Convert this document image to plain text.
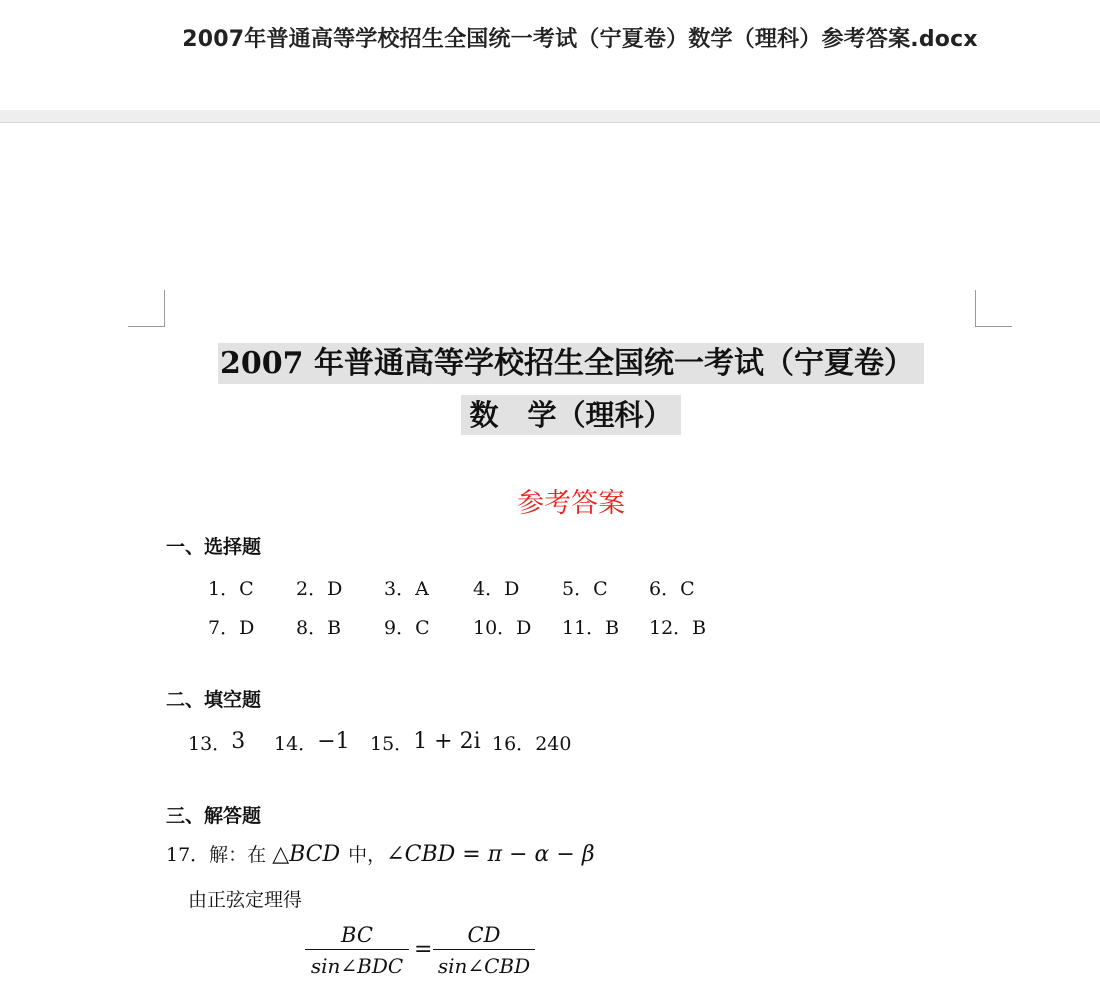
2007年普通高等学校招生全国统一考试（宁夏卷）数学（理科）参考答案.docx
2007 年普通高等学校招生全国统一考试（宁夏卷）
数　学（理科）
参考答案
一、选择题
1．C 2．D 3．A 4．D 5．C 6．C
7．D 8．B 9．C 10．D 11．B 12．B
二、填空题
13．3 14．−1 15．1 + 2i 16．240
三、解答题
17．解：在 △BCD 中，∠CBD = π − α − β
由正弦定理得
BC
sin∠BDC
=
CD
sin∠CBD
